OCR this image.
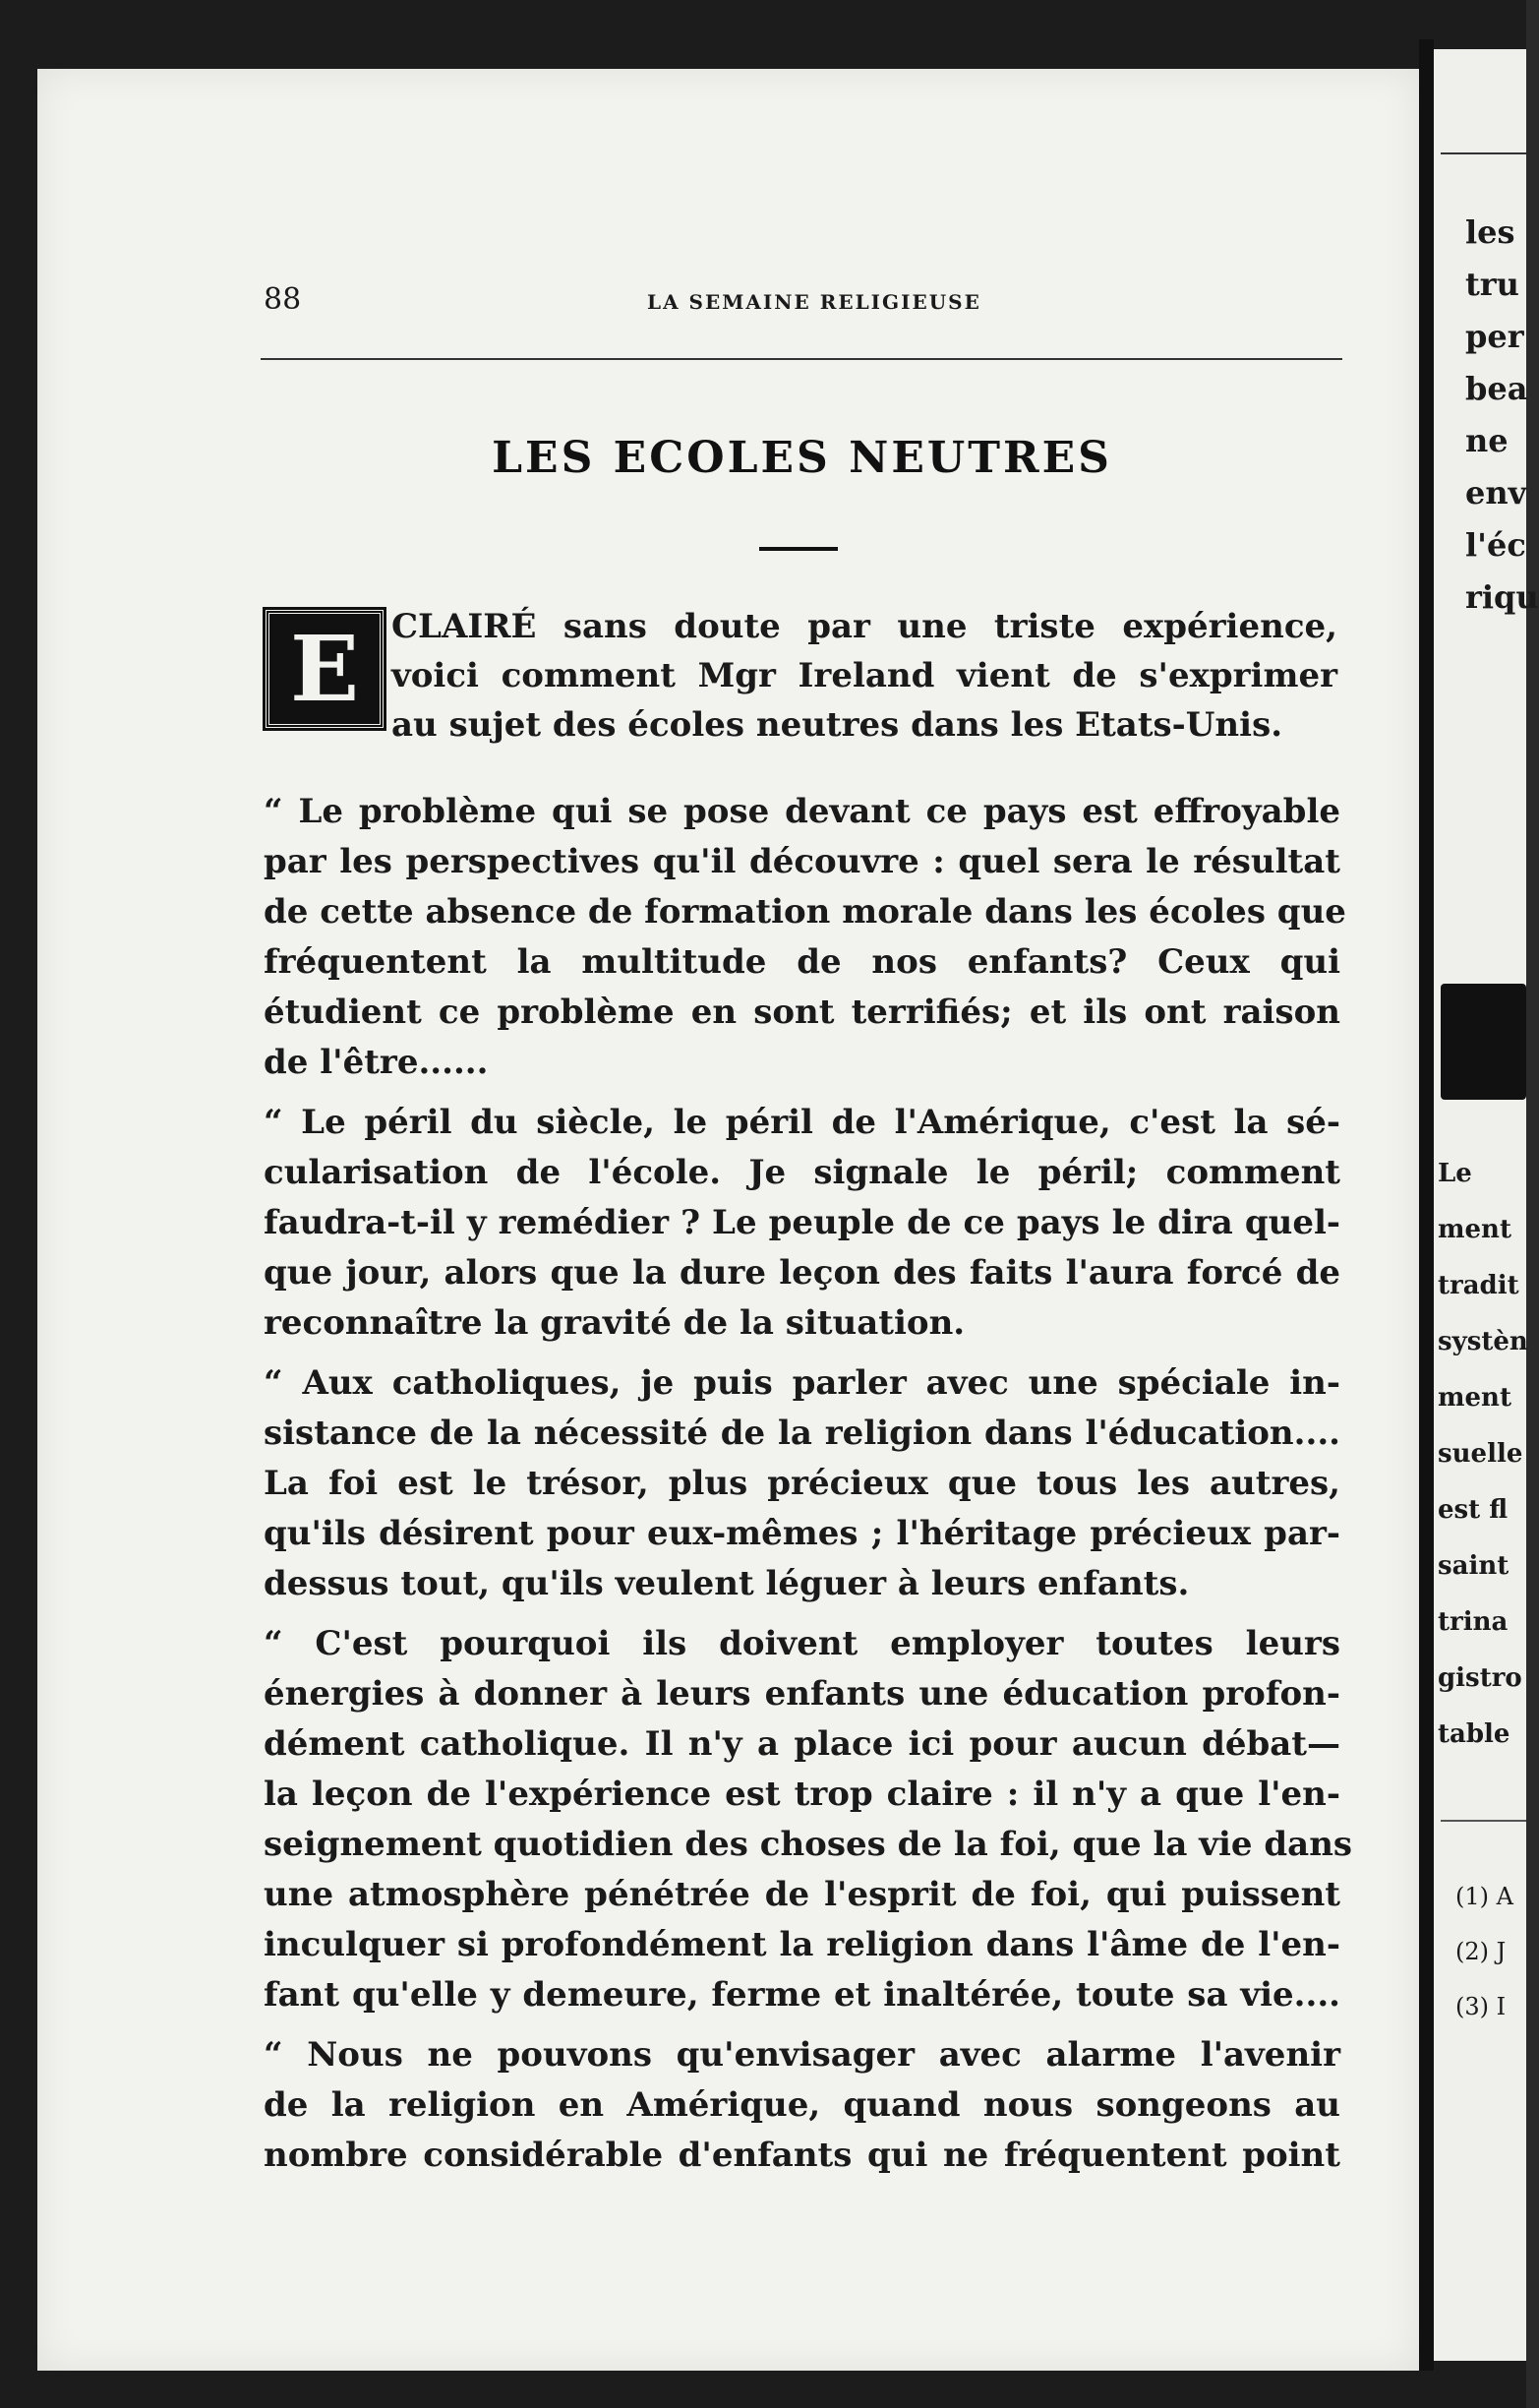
88	LA SEMAINE RELIGIEUSE
LES ECOLES NEUTRES
E CLAIRÉ sans doute par une triste expérience,
voici comment Mgr Ireland vient de s'exprimer
au sujet des écoles neutres dans les Etats-Unis.
“ Le problème qui se pose devant ce pays est effroyable
par les perspectives qu'il découvre : quel sera le résultat
de cette absence de formation morale dans les écoles que
fréquentent la multitude de nos enfants? Ceux qui
étudient ce problème en sont terrifiés; et ils ont raison
de l'être......
“ Le péril du siècle, le péril de l'Amérique, c'est la sé-
cularisation de l'école. Je signale le péril; comment
faudra-t-il y remédier ? Le peuple de ce pays le dira quel-
que jour, alors que la dure leçon des faits l'aura forcé de
reconnaître la gravité de la situation.
“ Aux catholiques, je puis parler avec une spéciale in-
sistance de la nécessité de la religion dans l'éducation....
La foi est le trésor, plus précieux que tous les autres,
qu'ils désirent pour eux-mêmes ; l'héritage précieux par-
dessus tout, qu'ils veulent léguer à leurs enfants.
“ C'est pourquoi ils doivent employer toutes leurs
énergies à donner à leurs enfants une éducation profon-
dément catholique. Il n'y a place ici pour aucun débat—
la leçon de l'expérience est trop claire : il n'y a que l'en-
seignement quotidien des choses de la foi, que la vie dans
une atmosphère pénétrée de l'esprit de foi, qui puissent
inculquer si profondément la religion dans l'âme de l'en-
fant qu'elle y demeure, ferme et inaltérée, toute sa vie....
“ Nous ne pouvons qu'envisager avec alarme l'avenir
de la religion en Amérique, quand nous songeons au
nombre considérable d'enfants qui ne fréquentent point
les
tru
per
bea
ne
env
l'éc
riqu
Le
ment
tradit
systèn
ment
suelle
est fl
saint
trina
gistro
table
(1) A
(2) J
(3) I
